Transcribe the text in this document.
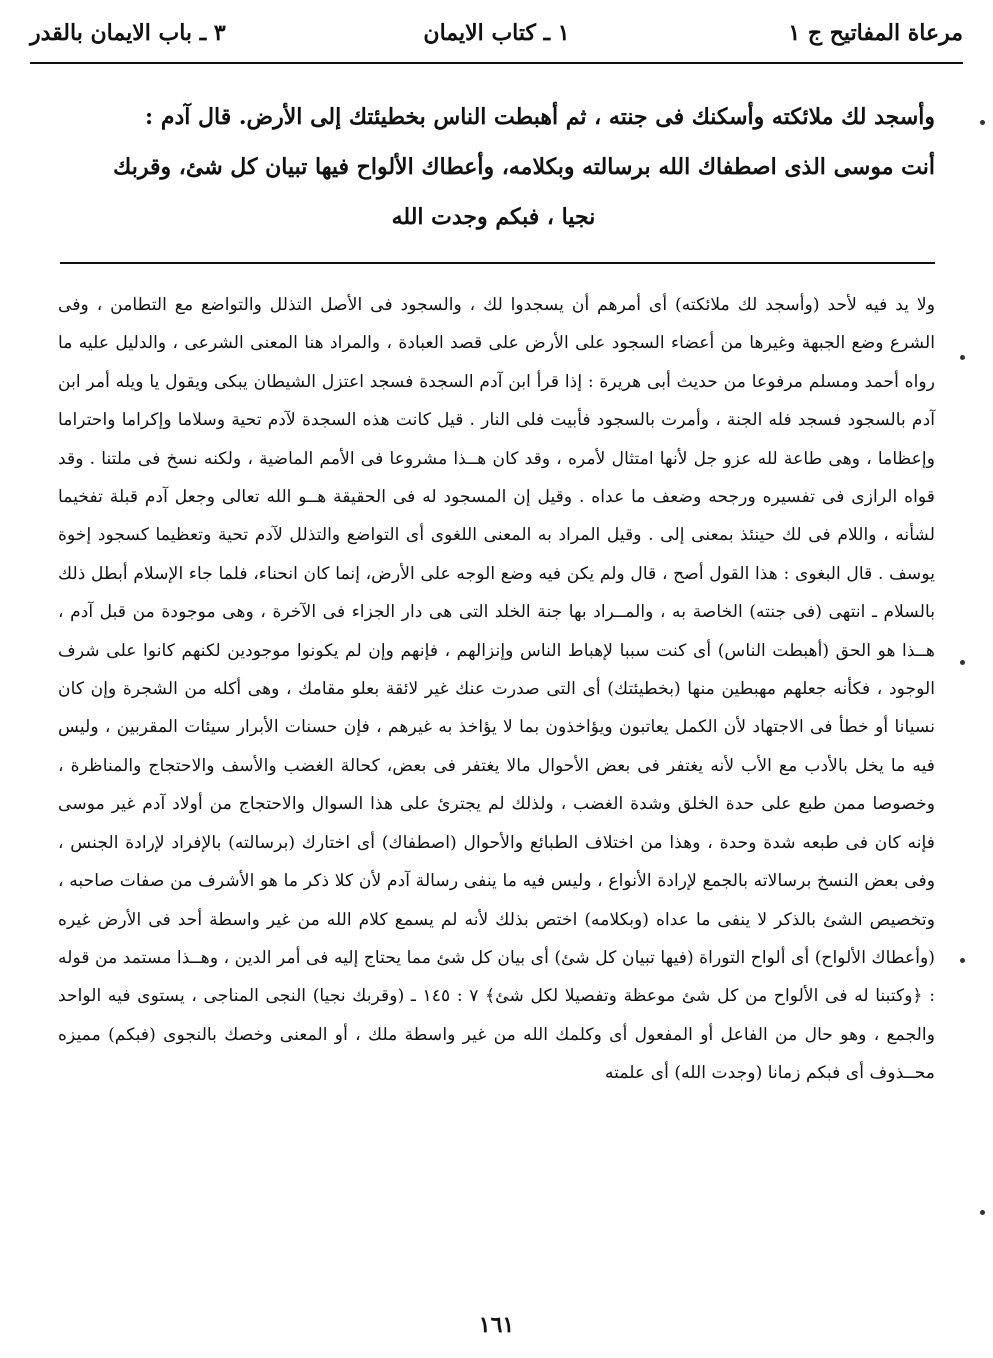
مرعاة المفاتيح ج ١
١ ـ كتاب الايمان
٣ ـ باب الايمان بالقدر

وأسجد لك ملائكته وأسكنك فى جنته ، ثم أهبطت الناس بخطيئتك إلى الأرض. قال آدم :

أنت موسى الذى اصطفاك الله برسالته وبكلامه، وأعطاك الألواح فيها تبيان كل شئ، وقربك

نجيا ، فبكم وجدت الله

ولا يد فيه لأحد (وأسجد لك ملائكته) أى أمرهم أن يسجدوا لك ، والسجود فى الأصل التذلل والتواضع مع التطامن ، وفى الشرع وضع الجبهة وغيرها من أعضاء السجود على الأرض على قصد العبادة ، والمراد هنا المعنى الشرعى ، والدليل عليه ما رواه أحمد ومسلم مرفوعا من حديث أبى هريرة : إذا قرأ ابن آدم السجدة فسجد اعتزل الشيطان يبكى ويقول يا ويله أمر ابن آدم بالسجود فسجد فله الجنة ، وأمرت بالسجود فأبيت فلى النار . قيل كانت هذه السجدة لآدم تحية وسلاما وإكراما واحتراما وإعظاما ، وهى طاعة لله عزو جل لأنها امتثال لأمره ، وقد كان هــذا مشروعا فى الأمم الماضية ، ولكنه نسخ فى ملتنا . وقد قواه الرازى فى تفسيره ورجحه وضعف ما عداه . وقيل إن المسجود له فى الحقيقة هــو الله تعالى وجعل آدم قبلة تفخيما لشأنه ، واللام فى لك حينئذ بمعنى إلى . وقيل المراد به المعنى اللغوى أى التواضع والتذلل لآدم تحية وتعظيما كسجود إخوة يوسف . قال البغوى : هذا القول أصح ، قال ولم يكن فيه وضع الوجه على الأرض، إنما كان انحناء، فلما جاء الإسلام أبطل ذلك بالسلام ـ انتهى (فى جنته) الخاصة به ، والمــراد بها جنة الخلد التى هى دار الجزاء فى الآخرة ، وهى موجودة من قبل آدم ، هــذا هو الحق (أهبطت الناس) أى كنت سببا لإهباط الناس وإنزالهم ، فإنهم وإن لم يكونوا موجودين لكنهم كانوا على شرف الوجود ، فكأنه جعلهم مهبطين منها (بخطيئتك) أى التى صدرت عنك غير لائقة بعلو مقامك ، وهى أكله من الشجرة وإن كان نسيانا أو خطأ فى الاجتهاد لأن الكمل يعاتبون ويؤاخذون بما لا يؤاخذ به غيرهم ، فإن حسنات الأبرار سيئات المقربين ، وليس فيه ما يخل بالأدب مع الأب لأنه يغتفر فى بعض الأحوال مالا يغتفر فى بعض، كحالة الغضب والأسف والاحتجاج والمناظرة ، وخصوصا ممن طبع على حدة الخلق وشدة الغضب ، ولذلك لم يجترئ على هذا السوال والاحتجاج من أولاد آدم غير موسى فإنه كان فى طبعه شدة وحدة ، وهذا من اختلاف الطبائع والأحوال (اصطفاك) أى اختارك (برسالته) بالإفراد لإرادة الجنس ، وفى بعض النسخ برسالاته بالجمع لإرادة الأنواع ، وليس فيه ما ينفى رسالة آدم لأن كلا ذكر ما هو الأشرف من صفات صاحبه ، وتخصيص الشئ بالذكر لا ينفى ما عداه (وبكلامه) اختص بذلك لأنه لم يسمع كلام الله من غير واسطة أحد فى الأرض غيره (وأعطاك الألواح) أى ألواح التوراة (فيها تبيان كل شئ) أى بيان كل شئ مما يحتاج إليه فى أمر الدين ، وهــذا مستمد من قوله : ﴿وكتبنا له فى الألواح من كل شئ موعظة وتفصيلا لكل شئ﴾ ٧ : ١٤٥ ـ (وقربك نجيا) النجى المناجى ، يستوى فيه الواحد والجمع ، وهو حال من الفاعل أو المفعول أى وكلمك الله من غير واسطة ملك ، أو المعنى وخصك بالنجوى (فبكم) مميزه محــذوف أى فبكم زمانا (وجدت الله) أى علمته

١٦١
